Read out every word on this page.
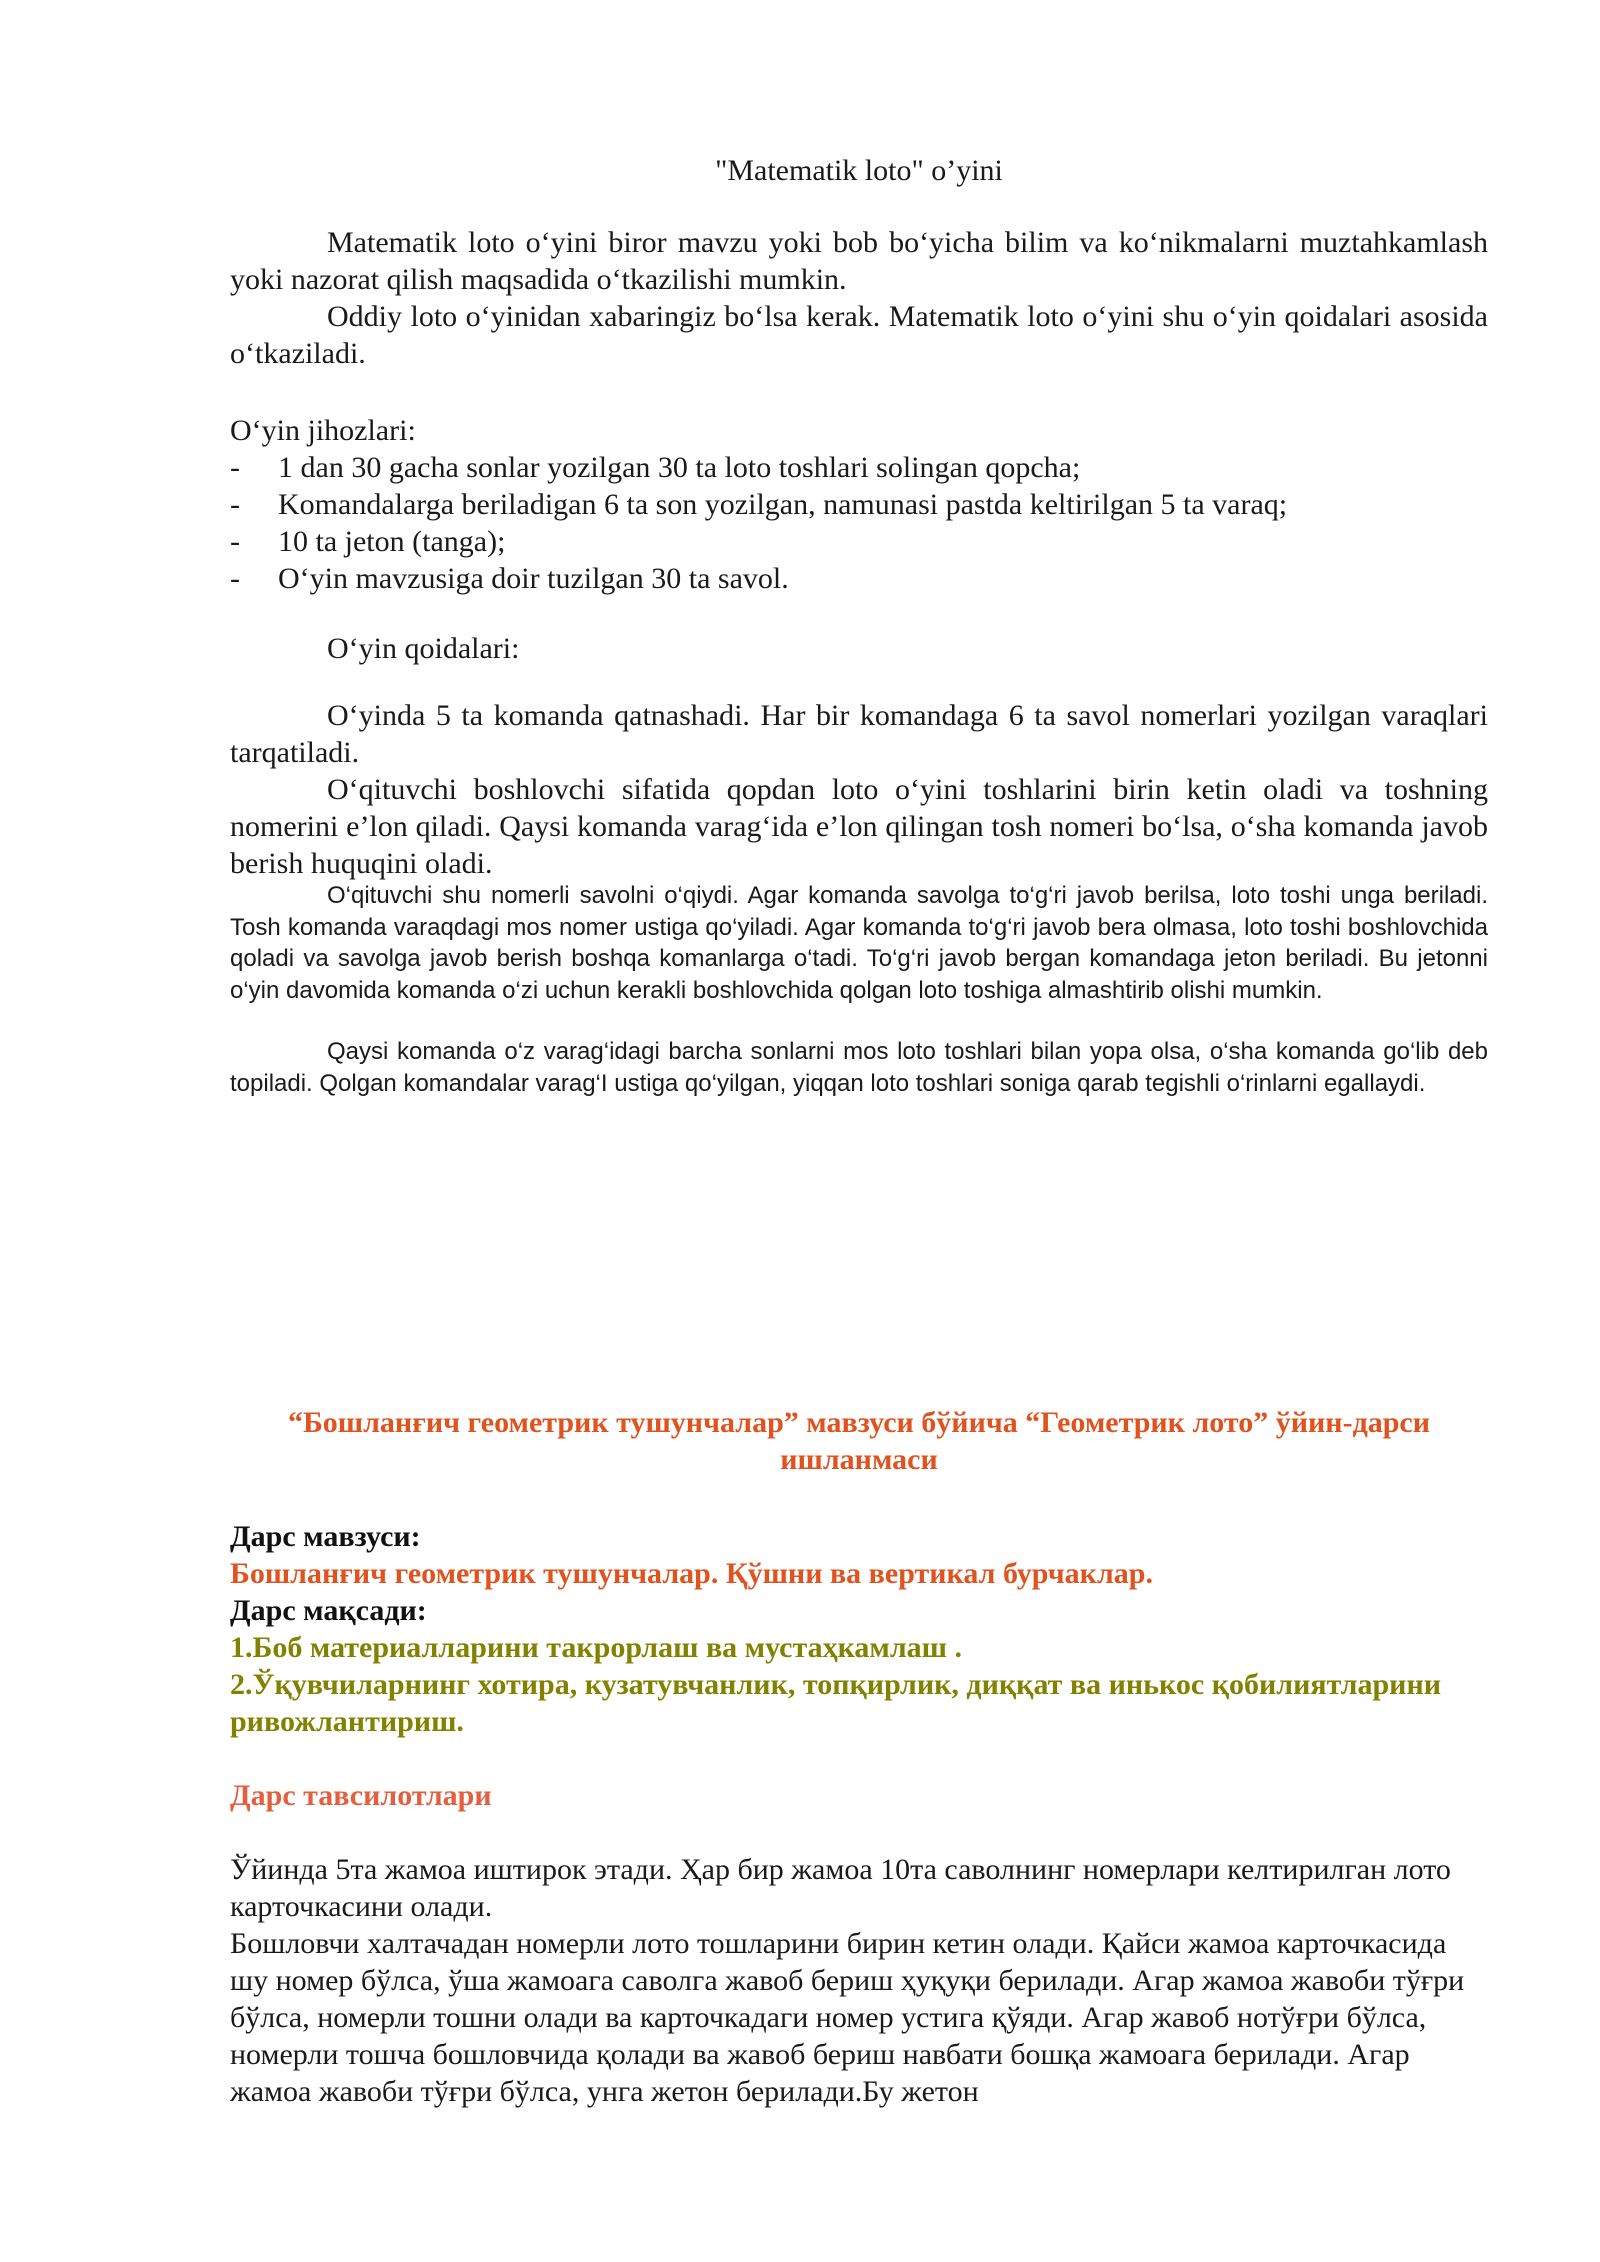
"Matematik loto" o’yini

Matematik loto o‘yini biror mavzu yoki bob bo‘yicha bilim va ko‘nikmalarni muztahkamlash yoki nazorat qilish maqsadida o‘tkazilishi mumkin.

Oddiy loto o‘yinidan xabaringiz bo‘lsa kerak. Matematik loto o‘yini shu o‘yin qoidalari asosida o‘tkaziladi.

O‘yin jihozlari:

- 1 dan 30 gacha sonlar yozilgan 30 ta loto toshlari solingan qopcha;
- Komandalarga beriladigan 6 ta son yozilgan, namunasi pastda keltirilgan 5 ta varaq;
- 10 ta jeton (tanga);
- O‘yin mavzusiga doir tuzilgan 30 ta savol.

O‘yin qoidalari:

O‘yinda 5 ta komanda qatnashadi. Har bir komandaga 6 ta savol nomerlari yozilgan varaqlari tarqatiladi.

O‘qituvchi boshlovchi sifatida qopdan loto o‘yini toshlarini birin ketin oladi va toshning nomerini e’lon qiladi. Qaysi komanda varag‘ida e’lon qilingan tosh nomeri bo‘lsa, o‘sha komanda javob berish huquqini oladi.

O‘qituvchi shu nomerli savolni o‘qiydi. Agar komanda savolga to‘g‘ri javob berilsa, loto toshi unga beriladi. Tosh komanda varaqdagi mos nomer ustiga qo‘yiladi. Agar komanda to‘g‘ri javob bera olmasa, loto toshi boshlovchida qoladi va savolga javob berish boshqa komanlarga o‘tadi. To‘g‘ri javob bergan komandaga jeton beriladi. Bu jetonni o‘yin davomida komanda o‘zi uchun kerakli boshlovchida qolgan loto toshiga almashtirib olishi mumkin.

Qaysi komanda o‘z varag‘idagi barcha sonlarni mos loto toshlari bilan yopa olsa, o‘sha komanda go‘lib deb topiladi. Qolgan komandalar varag‘I ustiga qo‘yilgan, yiqqan loto toshlari soniga qarab tegishli o‘rinlarni egallaydi.

“Бошланғич геометрик тушунчалар” мавзуси бўйича “Геометрик лото” ўйин-дарси ишланмаси

Дарс мавзуси:

Бошланғич геометрик тушунчалар. Қўшни ва вертикал бурчаклар.

Дарс мақсади:

1.Боб материалларини такрорлаш ва мустаҳкамлаш .

2.Ўқувчиларнинг хотира, кузатувчанлик, топқирлик, диққат ва инькос қобилиятларини ривожлантириш.

Дарс тавсилотлари

Ўйинда 5та жамоа иштирок этади. Ҳар бир жамоа 10та саволнинг номерлари келтирилган лото карточкасини олади.

Бошловчи халтачадан номерли лото тошларини бирин кетин олади. Қайси жамоа карточкасида шу номер бўлса, ўша жамоага саволга жавоб бериш ҳуқуқи берилади. Агар жамоа жавоби тўғри бўлса, номерли тошни олади ва карточкадаги номер устига қўяди. Агар жавоб нотўғри бўлса, номерли тошча бошловчида қолади ва жавоб бериш навбати бошқа жамоага берилади. Агар жамоа жавоби тўғри бўлса, унга жетон берилади.Бу жетон
